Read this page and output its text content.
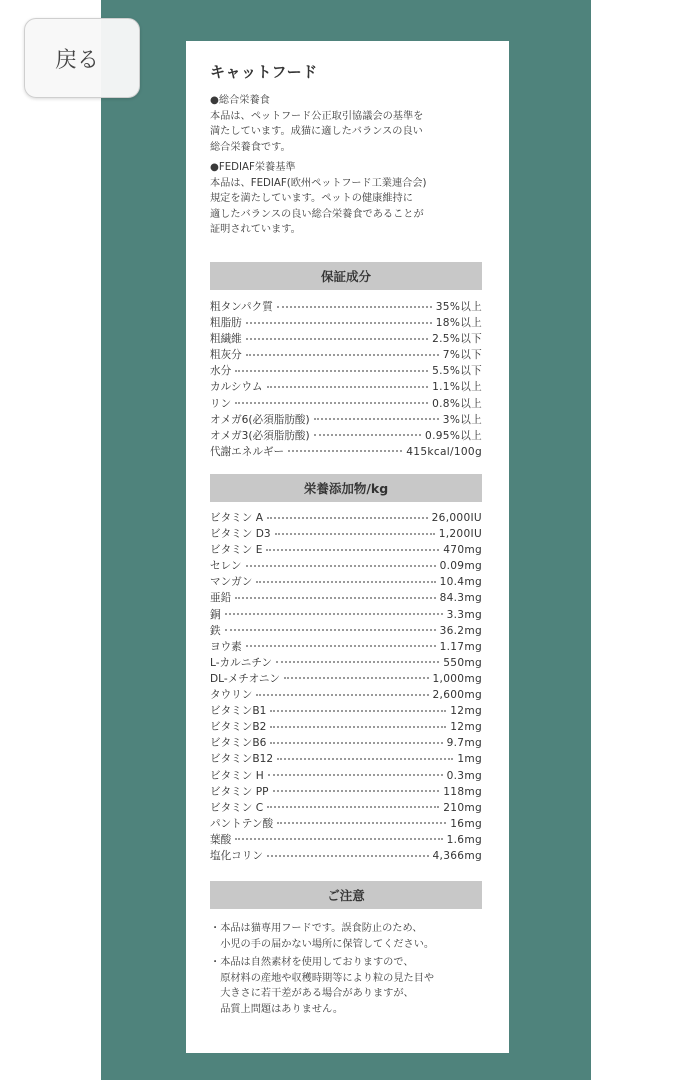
戻る	キャットフード

●総合栄養食

本品は、ペットフード公正取引協議会の基準を

満たしています。成猫に適したバランスの良い

総合栄養食です。

●FEDIAF栄養基準

本品は、FEDIAF(欧州ペットフード工業連合会)

規定を満たしています。ペットの健康維持に

適したバランスの良い総合栄養食であることが

証明されています。

保証成分
粗タンパク質	35%以上
粗脂肪	18%以上
粗繊維	2.5%以下
粗灰分	7%以下
水分	5.5%以下
カルシウム	1.1%以上
リン	0.8%以上
オメガ6(必須脂肪酸)	3%以上
オメガ3(必須脂肪酸)	0.95%以上
代謝エネルギー	415kcal/100g
栄養添加物/kg
ビタミン A	26,000IU
ビタミン D3	1,200IU
ビタミン E	470mg
セレン	0.09mg
マンガン	10.4mg
亜鉛	84.3mg
銅	3.3mg
鉄	36.2mg
ヨウ素	1.17mg
L-カルニチン	550mg
DL-メチオニン	1,000mg
タウリン	2,600mg
ビタミンB1	12mg
ビタミンB2	12mg
ビタミンB6	9.7mg
ビタミンB12	1mg
ビタミン H	0.3mg
ビタミン PP	118mg
ビタミン C	210mg
パントテン酸	16mg
葉酸	1.6mg
塩化コリン	4,366mg
ご注意
・ 本品は猫専用フードです。誤食防止のため、

小児の手の届かない場所に保管してください。

・ 本品は自然素材を使用しておりますので、

原材料の産地や収穫時期等により粒の見た目や

大きさに若干差がある場合がありますが、

品質上問題はありません。
